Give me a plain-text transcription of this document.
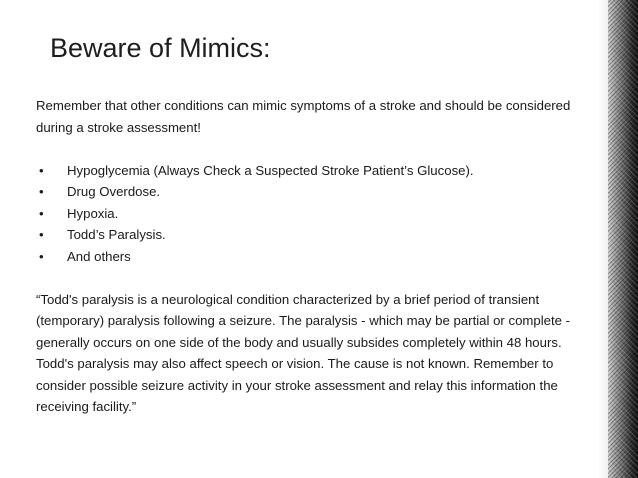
Beware of Mimics:

Remember that other conditions can mimic symptoms of a stroke and should be considered during a stroke assessment!

• Hypoglycemia (Always Check a Suspected Stroke Patient’s Glucose).
• Drug Overdose.
• Hypoxia.
• Todd’s Paralysis.
• And others

“Todd's paralysis is a neurological condition characterized by a brief period of transient (temporary) paralysis following a seizure. The paralysis - which may be partial or complete - generally occurs on one side of the body and usually subsides completely within 48 hours. Todd's paralysis may also affect speech or vision. The cause is not known. Remember to consider possible seizure activity in your stroke assessment and relay this information the receiving facility.”
